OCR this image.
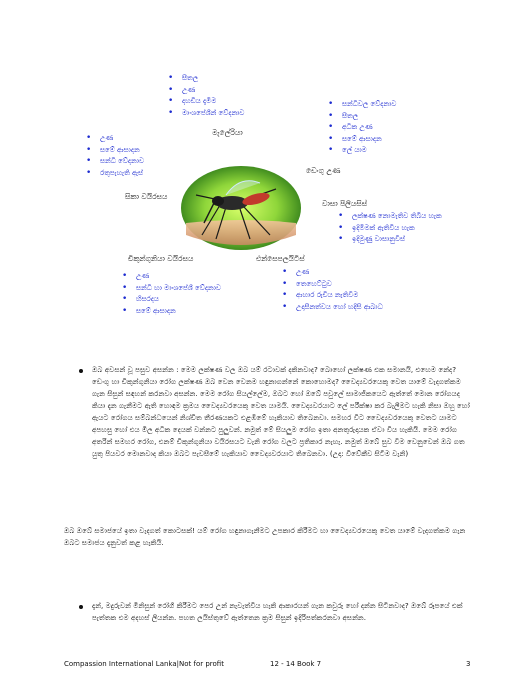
• සීතල
• උණ
• දහඩිය දැමීම
• මාංශපේශීන් වේදනාව
මැලේරියා
• සන්ධිවල වේදනාව
• සීතල
• අධික උණ
• සමේ ආසාදන
• ලේ යාම
ඩෙංගු උණ
• උණ
• සමේ ආසාදන
• සන්ධි වේදනාව
• රතුපැහැති ඇස්
සිකා වයිරසය
වාසා පිලියසිස්
• ලක්ෂණ නොමැතිව තිබිය හැක
• ඉදිමීමක් ඇතිවිය හැක
• ඉදිමුණු වාසානුවීස්
චිකුන්ගුනියා වයිරසය
• උණ
• සන්ධි හා මාංශපේශී වේදනාව
• හිසරදය
• සමේ ආසාදන
එන්සෙපලයිටිස්
• උණ
• තෙහෙට්ටුව
• ආහාර රුචිය නැතිවීම
• උදාසීනත්වය හෝ හදිසි ආබාධ
ඔබ අවසන් වූ පසුව අසන්න : මෙම ලක්ෂණ වල ඔබ යම් රටාවක් දකිනවාද? බොහෝ ලක්ෂණ එක සමානයි, එහෙම නේද? ඩෙංගු හා චිකුන්ගුනියා රෝග ලක්ෂණ ඔබ වෙන වෙනම හඳුනාගන්නේ කොහොමද? වෛද්‍යවරයෙකු වෙත යාමේ වැදගත්කම ගැන සිසුන් සඳහන් කරනවා අසන්න. මෙම රෝග සියල්ලේම, ඔබට හෝ ඔබේ පවුලේ සාමාජිකයෙට ඇත්තේ මොන රෝගයද කියා දැන ගැනීමට ඇති හොඳම ක්‍රමය වෛද්‍යවරයෙකු වෙත යාමයි. වෛද්‍යවරයාට ලේ පරීක්ෂා කර බැලීමට හැකි නිසා ඔහු හෝ ඇයට රෝගය සම්බන්ධයෙන් නිශ්චිත තීරණයකට එළඹීමේ හැකියාව තිබෙනවා. සමහර විට වෛද්‍යවරයෙකු වෙතට යාමට අපහසු හෝ එය මිල අධික දෙයක් වන්නට පුලුවන්. නමුත් මේ සියලුම රෝග ඉතා අනතුරුදායක ඒවා විය හැකියි. මෙම රෝග අතරින් සමහර රෝග, එනම් චිකුන්ගුනියා වයිරසයට වැනි රෝග වලට ප්‍රතිකාර නැහැ. නමුත් ඔබේ සුව වීම වෙනුවෙන් ඔබ ගත යුතු පියවර මොනවාද කියා ඔබට පැවසීමේ හැකියාව වෛද්‍යවරයාට තිබෙනවා. (උදා: විවේකීව සිටීම වැනි)
ඔබ ඔබේ සමාජයේ ඉතා වැදගත් කොටසක්! යම් රෝග හඳුනාගැනීමට උපකාර කිරීමට හා වෛද්‍යවරයෙකු වෙත යාමේ වැදගත්කම ගැන ඔබට සමාජය දැනුවත් කළ හැකියි.
දැන්, මදුරුවන් මිනිසුන් රෝගී කිරීමට පෙර උන් නැවැත්විය හැකි ආකාරයන් ගැන කවුරු හෝ දන්න සිටිනවාද? ඔබේ රූපයේ එක් පැත්තක එම අදහස් ලියන්න. පහත ලයිස්තුවේ ඇත්තෙන ක්‍රම සිසුන් ඉදිරිපත්කරනවා අසන්න.
Compassion International Lanka|Not for profit	12 - 14 Book 7	3
